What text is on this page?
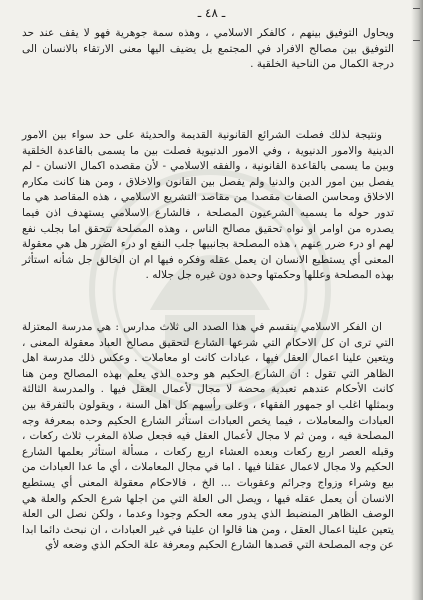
ـ ٤٨ ـ

ويحاول التوفيق بينهم ، كالفكر الاسلامي ، وهذه سمة جوهرية فهو لا يقف عند حد التوفيق بين مصالح الافراد في المجتمع بل يضيف اليها معنى الارتقاء بالانسان الى درجة الكمال من الناحية الخلقية .

ونتيجة لذلك فصلت الشرائع القانونية القديمة والحديثة على حد سواء بين الامور الدينية والامور الدنيوية ، وفي الامور الدنيوية فصلت بين ما يسمى بالقاعدة الخلقية وبين ما يسمى بالقاعدة القانونية ، والفقه الاسلامي - لأن مقصده اكمال الانسان - لم يفصل بين امور الدين والدنيا ولم يفصل بين القانون والاخلاق ، ومن هنا كانت مكارم الاخلاق ومحاسن الصفات مقصدا من مقاصد التشريع الاسلامي ، هذه المقاصد هي ما تدور حوله ما يسميه الشرعيون المصلحة ، فالشارع الاسلامي يستهدف اذن فيما يصدره من اوامر او نواه تحقيق مصالح الناس ، وهذه المصلحة تتحقق اما بجلب نفع لهم او درء ضرر عنهم ، هذه المصلحة بجانبيها جلب النفع او درء الضرر هل هي معقولة المعنى أي يستطيع الانسان ان يعمل عقله وفكره فيها ام ان الخالق جل شأنه استأثر بهذه المصلحة وعللها وحكمتها وحده دون غيره جل جلاله .

ان الفكر الاسلامي ينقسم في هذا الصدد الى ثلاث مدارس : هي مدرسة المعتزلة التي ترى ان كل الاحكام التي شرعها الشارع لتحقيق مصالح العباد معقولة المعنى ، ويتعين علينا اعمال العقل فيها ، عبادات كانت او معاملات . وعكس ذلك مدرسة اهل الظاهر التي تقول : ان الشارع الحكيم هو وحده الذي يعلم بهذه المصالح ومن هنا كانت الأحكام عندهم تعبدية محضة لا مجال لأعمال العقل فيها . والمدرسة الثالثة وبمثلها اغلب او جمهور الفقهاء ، وعلى رأسهم كل اهل السنة ، ويقولون بالتفرقة بين العبادات والمعاملات ، فيما يخص العبادات استأثر الشارع الحكيم وحده بمعرفة وجه المصلحة فيه ، ومن ثم لا مجال لأعمال العقل فيه فجعل صلاة المغرب ثلاث ركعات ، وقبله العصر اربع ركعات وبعده العشاء اربع ركعات ، مسألة استأثر بعلمها الشارع الحكيم ولا مجال لاعمال عقلنا فيها . اما في مجال المعاملات ، أي ما عدا العبادات من بيع وشراء وزواج وجرائم وعقوبات ... الخ ، فالاحكام معقولة المعنى أي يستطيع الانسان أن يعمل عقله فيها ، ويصل الى العلة التي من اجلها شرع الحكم والعلة هي الوصف الظاهر المنضبط الذي يدور معه الحكم وجودا وعدما ، ولكن نصل الى العلة يتعين علينا اعمال العقل ، ومن هنا قالوا ان علينا في غير العبادات ، ان نبحث دائما ابدا عن وجه المصلحة التي قصدها الشارع الحكيم ومعرفة علة الحكم الذي وضعه لأي
